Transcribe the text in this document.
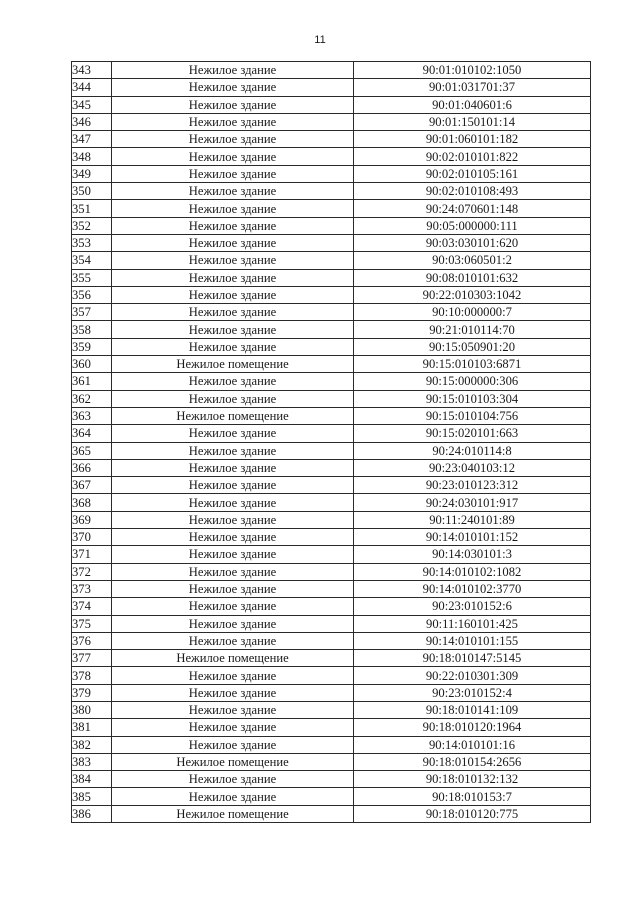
11
343	Нежилое здание	90:01:010102:1050
344	Нежилое здание	90:01:031701:37
345	Нежилое здание	90:01:040601:6
346	Нежилое здание	90:01:150101:14
347	Нежилое здание	90:01:060101:182
348	Нежилое здание	90:02:010101:822
349	Нежилое здание	90:02:010105:161
350	Нежилое здание	90:02:010108:493
351	Нежилое здание	90:24:070601:148
352	Нежилое здание	90:05:000000:111
353	Нежилое здание	90:03:030101:620
354	Нежилое здание	90:03:060501:2
355	Нежилое здание	90:08:010101:632
356	Нежилое здание	90:22:010303:1042
357	Нежилое здание	90:10:000000:7
358	Нежилое здание	90:21:010114:70
359	Нежилое здание	90:15:050901:20
360	Нежилое помещение	90:15:010103:6871
361	Нежилое здание	90:15:000000:306
362	Нежилое здание	90:15:010103:304
363	Нежилое помещение	90:15:010104:756
364	Нежилое здание	90:15:020101:663
365	Нежилое здание	90:24:010114:8
366	Нежилое здание	90:23:040103:12
367	Нежилое здание	90:23:010123:312
368	Нежилое здание	90:24:030101:917
369	Нежилое здание	90:11:240101:89
370	Нежилое здание	90:14:010101:152
371	Нежилое здание	90:14:030101:3
372	Нежилое здание	90:14:010102:1082
373	Нежилое здание	90:14:010102:3770
374	Нежилое здание	90:23:010152:6
375	Нежилое здание	90:11:160101:425
376	Нежилое здание	90:14:010101:155
377	Нежилое помещение	90:18:010147:5145
378	Нежилое здание	90:22:010301:309
379	Нежилое здание	90:23:010152:4
380	Нежилое здание	90:18:010141:109
381	Нежилое здание	90:18:010120:1964
382	Нежилое здание	90:14:010101:16
383	Нежилое помещение	90:18:010154:2656
384	Нежилое здание	90:18:010132:132
385	Нежилое здание	90:18:010153:7
386	Нежилое помещение	90:18:010120:775
